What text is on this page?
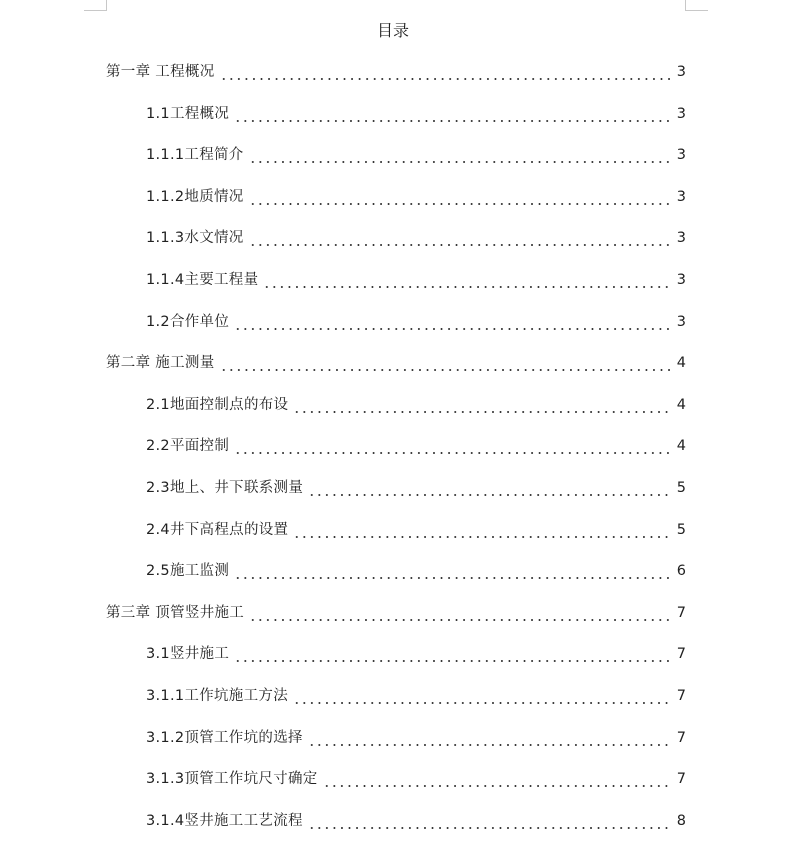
目录
第一章 工程概况	3
1.1工程概况	3
1.1.1工程简介	3
1.1.2地质情况	3
1.1.3水文情况	3
1.1.4主要工程量	3
1.2合作单位	3
第二章 施工测量	4
2.1地面控制点的布设	4
2.2平面控制	4
2.3地上、井下联系测量	5
2.4井下高程点的设置	5
2.5施工监测	6
第三章 顶管竖井施工	7
3.1竖井施工	7
3.1.1工作坑施工方法	7
3.1.2顶管工作坑的选择	7
3.1.3顶管工作坑尺寸确定	7
3.1.4竖井施工工艺流程	8
